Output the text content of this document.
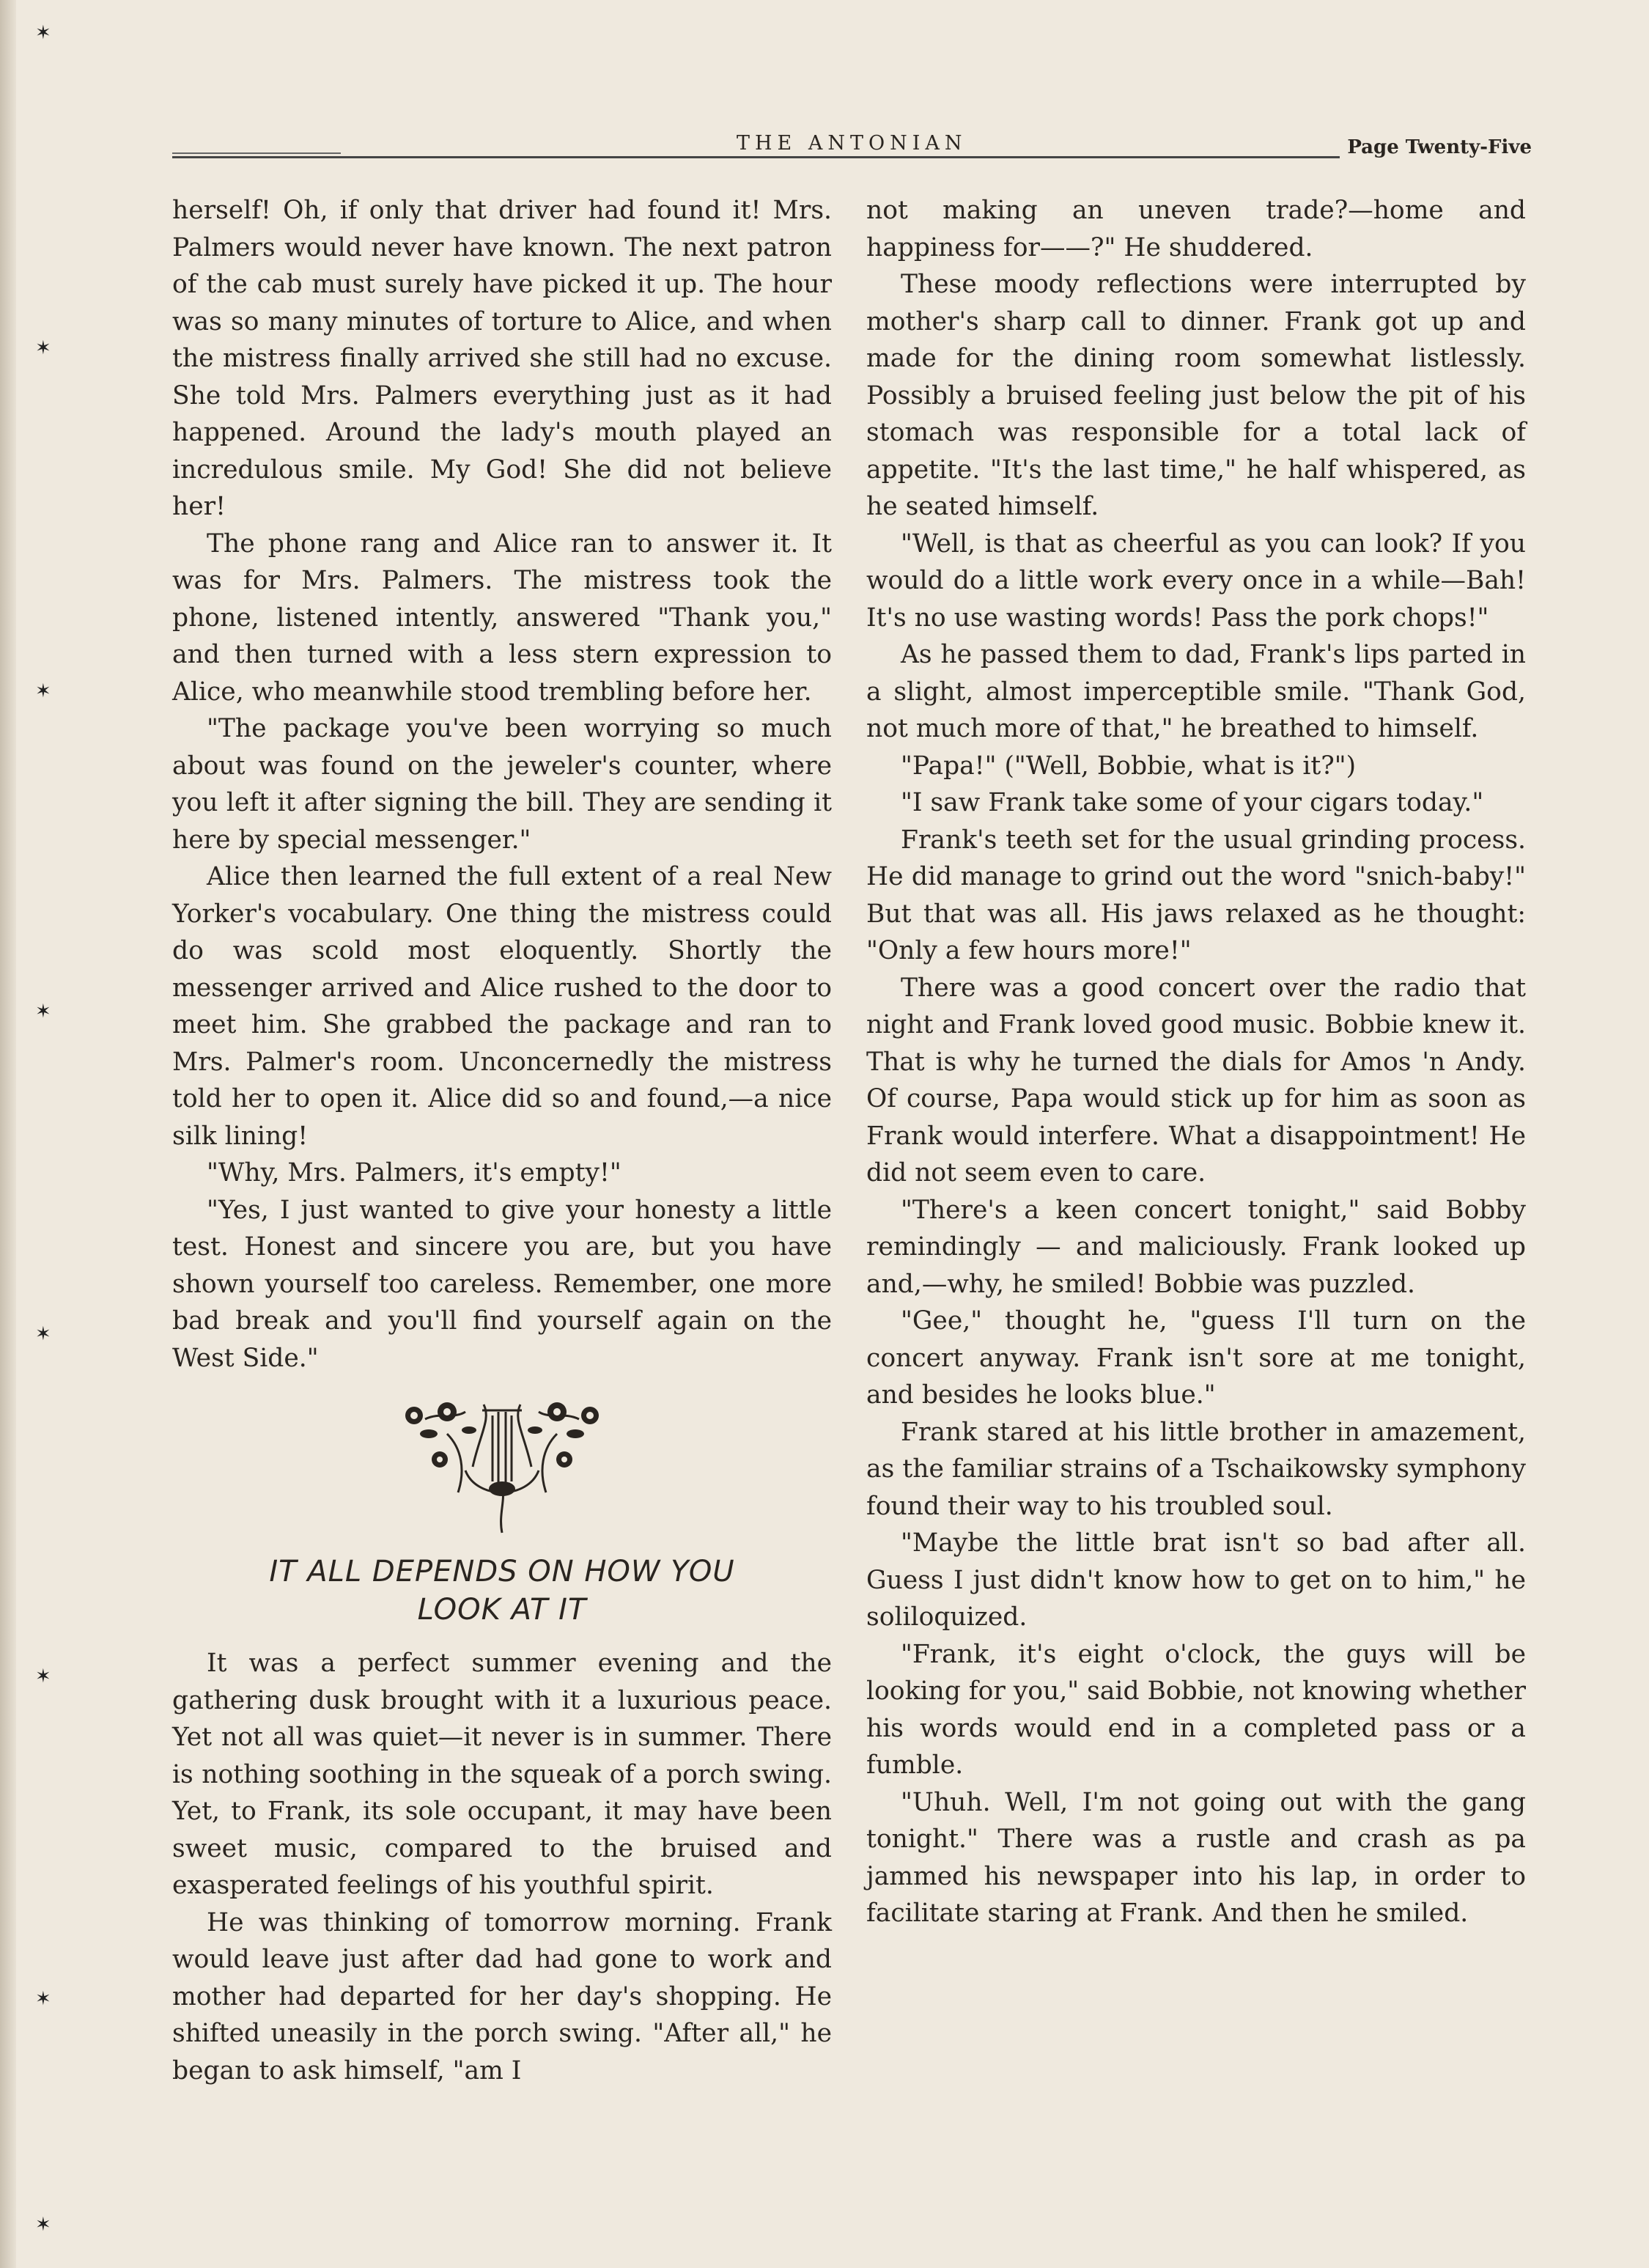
✶
✶
✶
✶
✶
✶
✶
✶
THE ANTONIAN	Page Twenty-Five

herself! Oh, if only that driver had found it! Mrs. Palmers would never have known. The next patron of the cab must surely have picked it up. The hour was so many minutes of torture to Alice, and when the mistress finally arrived she still had no excuse. She told Mrs. Palmers everything just as it had happened. Around the lady's mouth played an incredulous smile. My God! She did not believe her!

The phone rang and Alice ran to answer it. It was for Mrs. Palmers. The mistress took the phone, listened intently, answered "Thank you," and then turned with a less stern expression to Alice, who meanwhile stood trembling before her.

"The package you've been worrying so much about was found on the jeweler's counter, where you left it after signing the bill. They are sending it here by special messenger."

Alice then learned the full extent of a real New Yorker's vocabulary. One thing the mistress could do was scold most eloquently. Shortly the messenger arrived and Alice rushed to the door to meet him. She grabbed the package and ran to Mrs. Palmer's room. Unconcernedly the mistress told her to open it. Alice did so and found,—a nice silk lining!

"Why, Mrs. Palmers, it's empty!"

"Yes, I just wanted to give your honesty a little test. Honest and sincere you are, but you have shown yourself too careless. Remember, one more bad break and you'll find yourself again on the West Side."

IT ALL DEPENDS ON HOW YOU

LOOK AT IT

It was a perfect summer evening and the gathering dusk brought with it a luxurious peace. Yet not all was quiet—it never is in summer. There is nothing soothing in the squeak of a porch swing. Yet, to Frank, its sole occupant, it may have been sweet music, compared to the bruised and exasperated feelings of his youthful spirit.

He was thinking of tomorrow morning. Frank would leave just after dad had gone to work and mother had departed for her day's shopping. He shifted uneasily in the porch swing. "After all," he began to ask himself, "am I

not making an uneven trade?—home and happiness for——?" He shuddered.

These moody reflections were interrupted by mother's sharp call to dinner. Frank got up and made for the dining room somewhat listlessly. Possibly a bruised feeling just below the pit of his stomach was responsible for a total lack of appetite. "It's the last time," he half whispered, as he seated himself.

"Well, is that as cheerful as you can look? If you would do a little work every once in a while—Bah! It's no use wasting words! Pass the pork chops!"

As he passed them to dad, Frank's lips parted in a slight, almost imperceptible smile. "Thank God, not much more of that," he breathed to himself.

"Papa!" ("Well, Bobbie, what is it?")

"I saw Frank take some of your cigars today."

Frank's teeth set for the usual grinding process. He did manage to grind out the word "snich-baby!" But that was all. His jaws relaxed as he thought: "Only a few hours more!"

There was a good concert over the radio that night and Frank loved good music. Bobbie knew it. That is why he turned the dials for Amos 'n Andy. Of course, Papa would stick up for him as soon as Frank would interfere. What a disappointment! He did not seem even to care.

"There's a keen concert tonight," said Bobby remindingly — and maliciously. Frank looked up and,—why, he smiled! Bobbie was puzzled.

"Gee," thought he, "guess I'll turn on the concert anyway. Frank isn't sore at me tonight, and besides he looks blue."

Frank stared at his little brother in amazement, as the familiar strains of a Tschaikowsky symphony found their way to his troubled soul.

"Maybe the little brat isn't so bad after all. Guess I just didn't know how to get on to him," he soliloquized.

"Frank, it's eight o'clock, the guys will be looking for you," said Bobbie, not knowing whether his words would end in a completed pass or a fumble.

"Uhuh. Well, I'm not going out with the gang tonight." There was a rustle and crash as pa jammed his newspaper into his lap, in order to facilitate staring at Frank. And then he smiled.
